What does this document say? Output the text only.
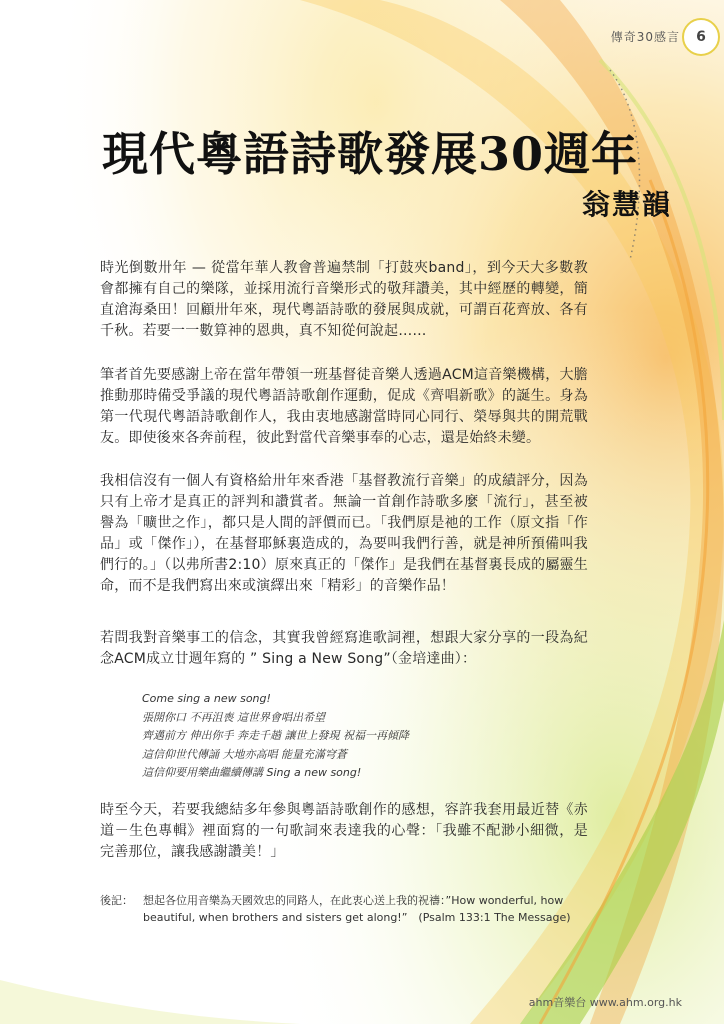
傳奇30感言	6
現代粵語詩歌發展30週年
翁慧韻
時光倒數卅年 — 從當年華人教會普遍禁制「打鼓夾band」，到今天大多數教會都擁有自己的樂隊，並採用流行音樂形式的敬拜讚美，其中經歷的轉變，簡直滄海桑田！回顧卅年來，現代粵語詩歌的發展與成就，可謂百花齊放、各有千秋。若要一一數算神的恩典，真不知從何說起……
筆者首先要感謝上帝在當年帶領一班基督徒音樂人透過ACM這音樂機構，大膽推動那時備受爭議的現代粵語詩歌創作運動，促成《齊唱新歌》的誕生。身為第一代現代粵語詩歌創作人，我由衷地感謝當時同心同行、榮辱與共的開荒戰友。即使後來各奔前程，彼此對當代音樂事奉的心志，還是始終未變。
我相信沒有一個人有資格給卅年來香港「基督教流行音樂」的成績評分，因為只有上帝才是真正的評判和讚賞者。無論一首創作詩歌多麼「流行」，甚至被譽為「曠世之作」，都只是人間的評價而已。「我們原是祂的工作（原文指「作品」或「傑作」），在基督耶穌裏造成的，為要叫我們行善，就是神所預備叫我們行的。」（以弗所書2:10）原來真正的「傑作」是我們在基督裏長成的屬靈生命，而不是我們寫出來或演繹出來「精彩」的音樂作品！
若問我對音樂事工的信念，其實我曾經寫進歌詞裡，想跟大家分享的一段為紀念ACM成立廿週年寫的 ” Sing a New Song”（金培達曲）：
Come sing a new song!
張開你口 不再沮喪 這世界會唱出希望
齊邁前方 伸出你手 奔走千趟 讓世上發現 祝福一再傾降
這信仰世代傳誦 大地亦高唱 能量充滿穹蒼
這信仰要用樂曲繼續傳講 Sing a new song!
時至今天，若要我總結多年參與粵語詩歌創作的感想，容許我套用最近替《赤道－生色專輯》裡面寫的一句歌詞來表達我的心聲：「我雖不配渺小細微，是完善那位，讓我感謝讚美！」
後記： 想起各位用音樂為天國效忠的同路人，在此衷心送上我的祝禱：”How wonderful, how beautiful, when brothers and sisters get along!”　(Psalm 133:1 The Message)
ahm音樂台 www.ahm.org.hk
